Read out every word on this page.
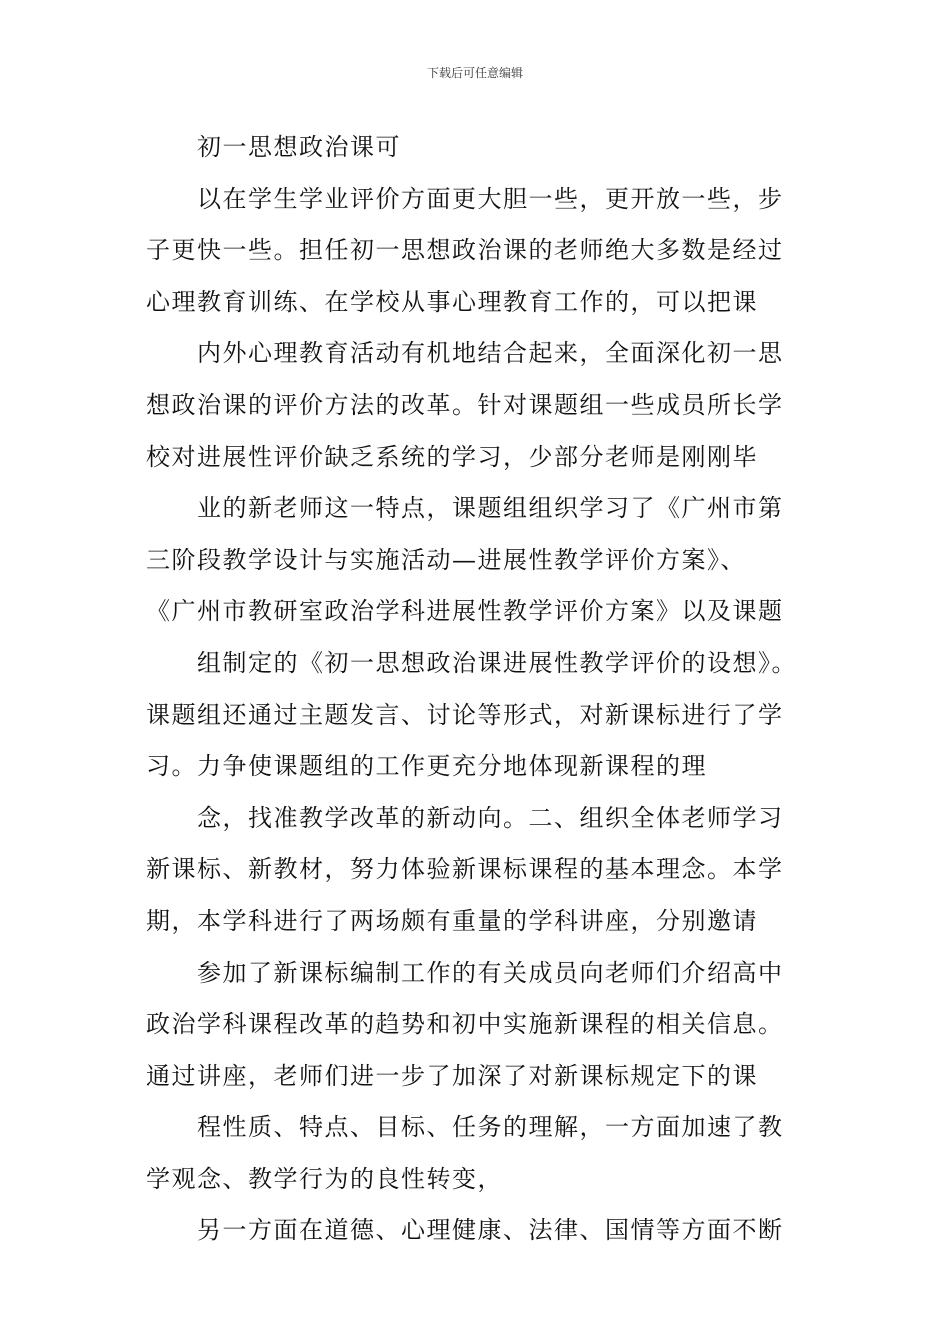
下载后可任意编辑
初一思想政治课可
以在学生学业评价方面更大胆一些，更开放一些，步
子更快一些。担任初一思想政治课的老师绝大多数是经过
心理教育训练、在学校从事心理教育工作的，可以把课
内外心理教育活动有机地结合起来，全面深化初一思
想政治课的评价方法的改革。针对课题组一些成员所长学
校对进展性评价缺乏系统的学习，少部分老师是刚刚毕
业的新老师这一特点，课题组组织学习了《广州市第
三阶段教学设计与实施活动—进展性教学评价方案》、
《广州市教研室政治学科进展性教学评价方案》以及课题
组制定的《初一思想政治课进展性教学评价的设想》。
课题组还通过主题发言、讨论等形式，对新课标进行了学
习。力争使课题组的工作更充分地体现新课程的理
念，找准教学改革的新动向。二、组织全体老师学习
新课标、新教材，努力体验新课标课程的基本理念。本学
期，本学科进行了两场颇有重量的学科讲座，分别邀请
参加了新课标编制工作的有关成员向老师们介绍高中
政治学科课程改革的趋势和初中实施新课程的相关信息。
通过讲座，老师们进一步了加深了对新课标规定下的课
程性质、特点、目标、任务的理解，一方面加速了教
学观念、教学行为的良性转变，
另一方面在道德、心理健康、法律、国情等方面不断
